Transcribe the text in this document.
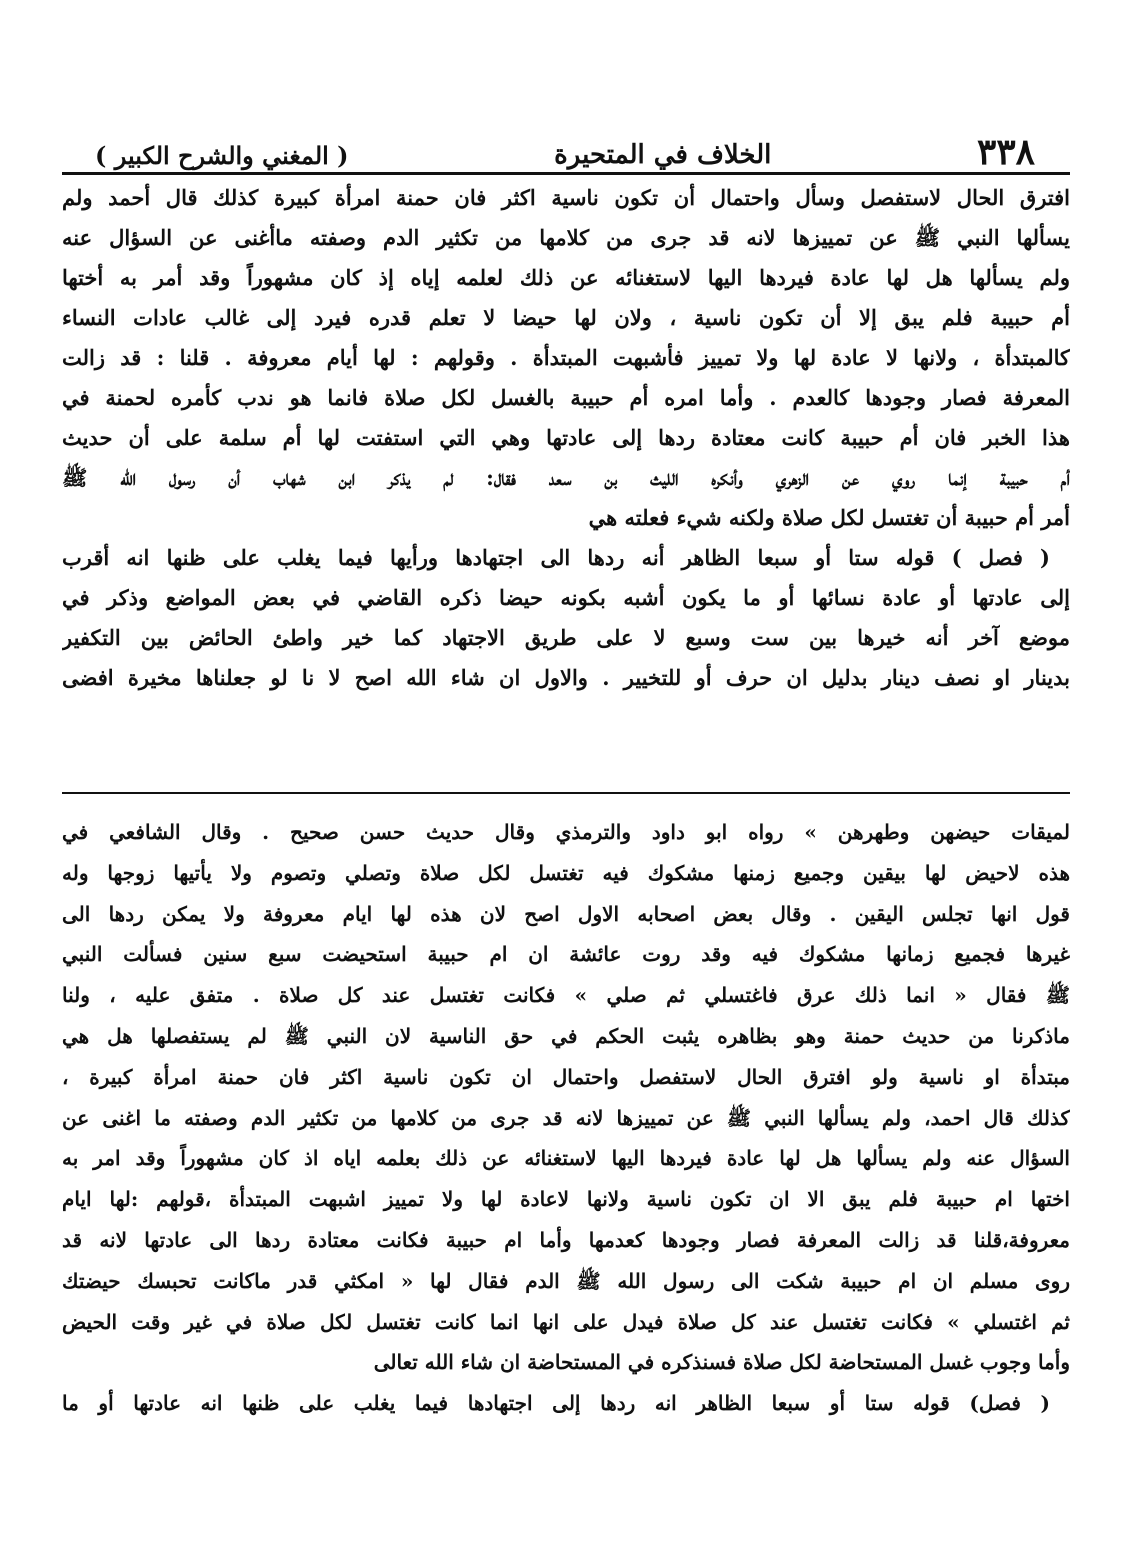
٣٣٨
الخلاف في المتحيرة
( المغني والشرح الكبير )
افترق الحال لاستفصل وسأل واحتمال أن تكون ناسية اكثر فان حمنة امرأة كبيرة كذلك قال أحمد ولم
يسألها النبي ﷺ عن تمييزها لانه قد جرى من كلامها من تكثير الدم وصفته ماأغنى عن السؤال عنه
ولم يسألها هل لها عادة فيردها اليها لاستغنائه عن ذلك لعلمه إياه إذ كان مشهوراً وقد أمر به أختها
أم حبيبة فلم يبق إلا أن تكون ناسية ، ولان لها حيضا لا تعلم قدره فيرد إلى غالب عادات النساء
كالمبتدأة ، ولانها لا عادة لها ولا تمييز فأشبهت المبتدأة . وقولهم : لها أيام معروفة . قلنا : قد زالت
المعرفة فصار وجودها كالعدم . وأما امره أم حبيبة بالغسل لكل صلاة فانما هو ندب كأمره لحمنة في
هذا الخبر فان أم حبيبة كانت معتادة ردها إلى عادتها وهي التي استفتت لها أم سلمة على أن حديث
أم حبيبة إنما روي عن الزهري وأنكره الليث بن سعد فقال: لم يذكر ابن شهاب أن رسول الله ﷺ
أمر أم حبيبة أن تغتسل لكل صلاة ولكنه شيء فعلته هي
( فصل ) قوله ستا أو سبعا الظاهر أنه ردها الى اجتهادها ورأيها فيما يغلب على ظنها انه أقرب
إلى عادتها أو عادة نسائها أو ما يكون أشبه بكونه حيضا ذكره القاضي في بعض المواضع وذكر في
موضع آخر أنه خيرها بين ست وسبع لا على طريق الاجتهاد كما خير واطئ الحائض بين التكفير
بدينار او نصف دينار بدليل ان حرف أو للتخيير . والاول ان شاء الله اصح لا نا لو جعلناها مخيرة افضى
لميقات حيضهن وطهرهن » رواه ابو داود والترمذي وقال حديث حسن صحيح . وقال الشافعي في
هذه لاحيض لها بيقين وجميع زمنها مشكوك فيه تغتسل لكل صلاة وتصلي وتصوم ولا يأتيها زوجها وله
قول انها تجلس اليقين . وقال بعض اصحابه الاول اصح لان هذه لها ايام معروفة ولا يمكن ردها الى
غيرها فجميع زمانها مشكوك فيه وقد روت عائشة ان ام حبيبة استحيضت سبع سنين فسألت النبي
ﷺ فقال « انما ذلك عرق فاغتسلي ثم صلي » فكانت تغتسل عند كل صلاة . متفق عليه ، ولنا
ماذكرنا من حديث حمنة وهو بظاهره يثبت الحكم في حق الناسية لان النبي ﷺ لم يستفصلها هل هي
مبتدأة او ناسية ولو افترق الحال لاستفصل واحتمال ان تكون ناسية اكثر فان حمنة امرأة كبيرة ،
كذلك قال احمد، ولم يسألها النبي ﷺ عن تمييزها لانه قد جرى من كلامها من تكثير الدم وصفته ما اغنى عن
السؤال عنه ولم يسألها هل لها عادة فيردها اليها لاستغنائه عن ذلك بعلمه اياه اذ كان مشهوراً وقد امر به
اختها ام حبيبة فلم يبق الا ان تكون ناسية ولانها لاعادة لها ولا تمييز اشبهت المبتدأة ،قولهم :لها ايام
معروفة،قلنا قد زالت المعرفة فصار وجودها كعدمها وأما ام حبيبة فكانت معتادة ردها الى عادتها لانه قد
روى مسلم ان ام حبيبة شكت الى رسول الله ﷺ الدم فقال لها « امكثي قدر ماكانت تحبسك حيضتك
ثم اغتسلي » فكانت تغتسل عند كل صلاة فيدل على انها انما كانت تغتسل لكل صلاة في غير وقت الحيض
وأما وجوب غسل المستحاضة لكل صلاة فسنذكره في المستحاضة ان شاء الله تعالى
( فصل) قوله ستا أو سبعا الظاهر انه ردها إلى اجتهادها فيما يغلب على ظنها انه عادتها أو ما
